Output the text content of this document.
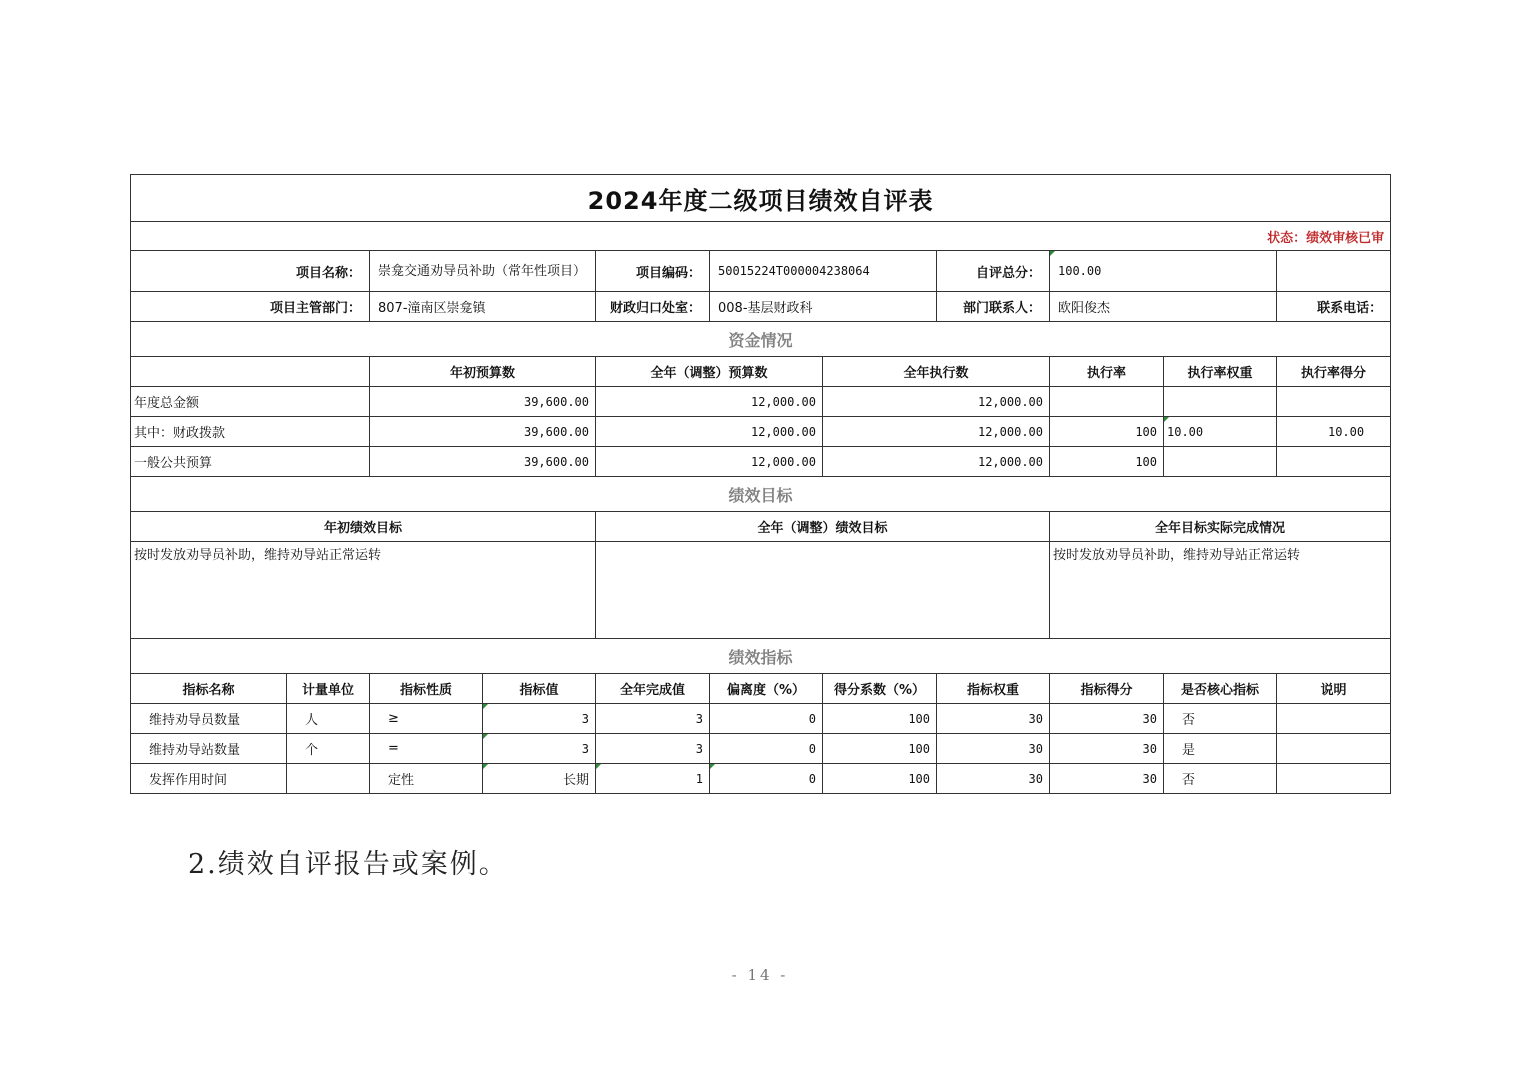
2024年度二级项目绩效自评表											
状态：绩效审核已审											
项目名称：		崇龛交通劝导员补助（常年性项目）		项目编码：	50015224T000004238064		自评总分：	100.00			
项目主管部门：		807-潼南区崇龛镇		财政归口处室：	008-基层财政科		部门联系人：	欧阳俊杰		联系电话：	
资金情况											
		年初预算数		全年（调整）预算数		全年执行数		执行率	执行率权重	执行率得分	
年度总金额		39,600.00		12,000.00		12,000.00					
其中：财政拨款		39,600.00		12,000.00		12,000.00		100	10.00	10.00	
一般公共预算		39,600.00		12,000.00		12,000.00		100			
绩效目标											
年初绩效目标				全年（调整）绩效目标				全年目标实际完成情况			
按时发放劝导员补助，维持劝导站正常运转								按时发放劝导员补助，维持劝导站正常运转			
绩效指标											
指标名称	计量单位	指标性质	指标值	全年完成值	偏离度（%）	得分系数（%）	指标权重	指标得分	是否核心指标	说明	
维持劝导员数量	人	≥	3	3	0	100	30	30	否		
维持劝导站数量	个	=	3	3	0	100	30	30	是		
发挥作用时间		定性	长期	1	0	100	30	30	否		
2.绩效自评报告或案例。
- 14 -
